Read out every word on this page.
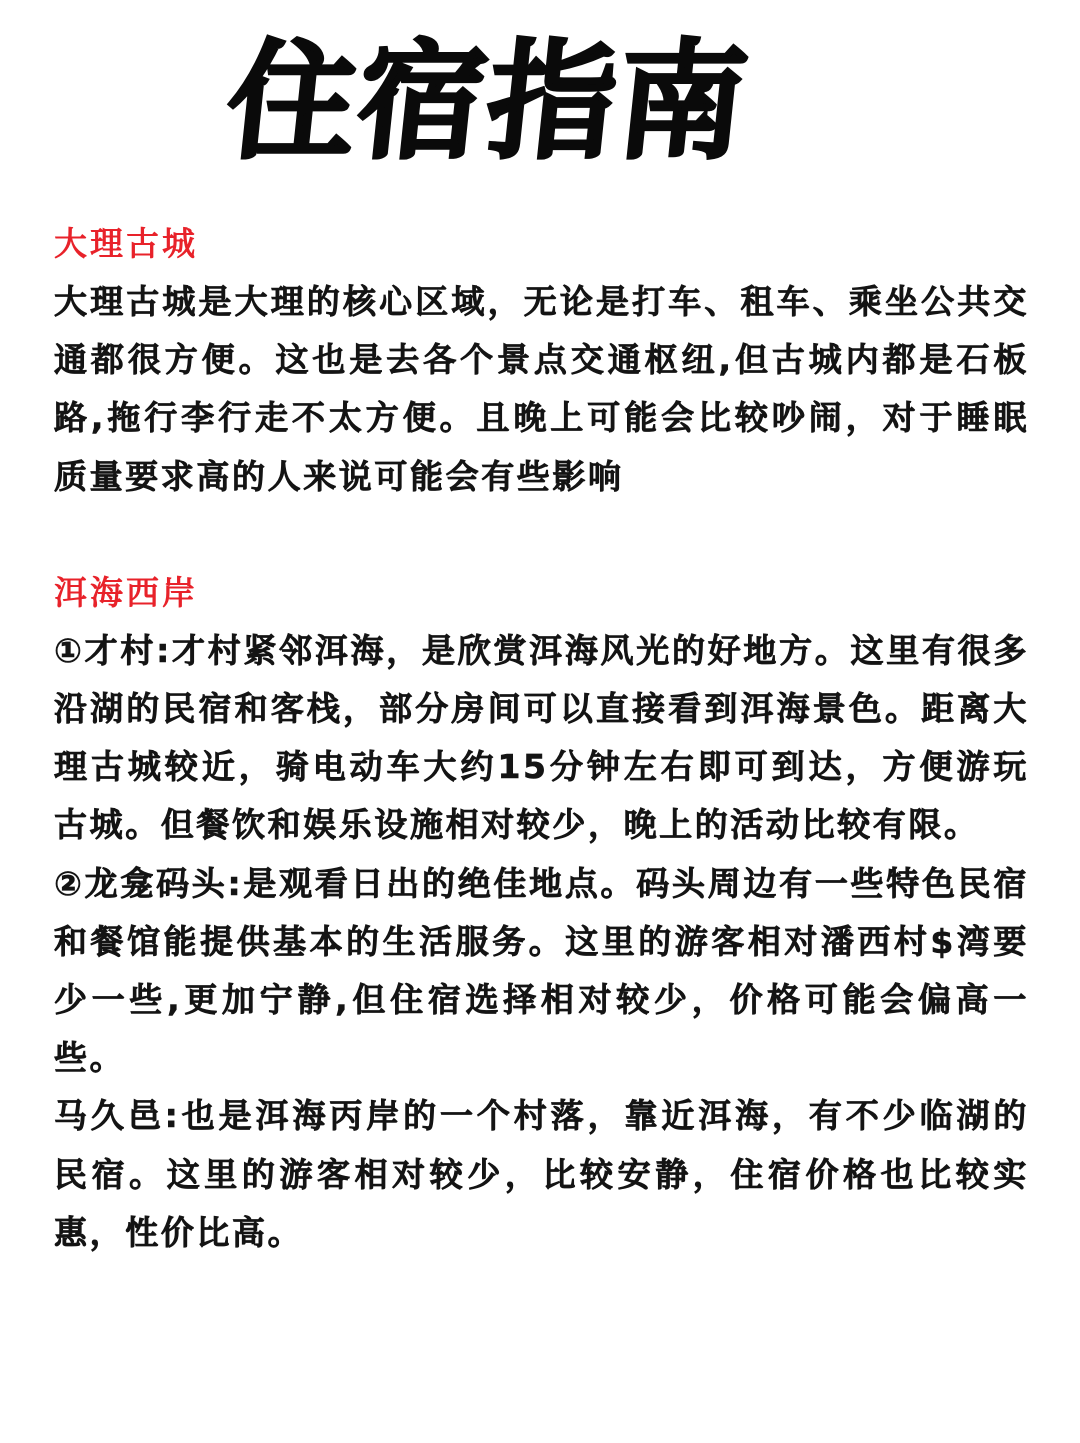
住宿指南

大理古城

大理古城是大理的核心区域，无论是打车、租车、乘坐公共交通都很方便。这也是去各个景点交通枢纽,但古城内都是石板路,拖行李行走不太方便。且晚上可能会比较吵闹，对于睡眠质量要求高的人来说可能会有些影响

洱海西岸

①才村:才村紧邻洱海，是欣赏洱海风光的好地方。这里有很多沿湖的民宿和客栈，部分房间可以直接看到洱海景色。距离大理古城较近，骑电动车大约15分钟左右即可到达，方便游玩古城。但餐饮和娱乐设施相对较少，晚上的活动比较有限。

②龙龛码头:是观看日出的绝佳地点。码头周边有一些特色民宿和餐馆能提供基本的生活服务。这里的游客相对潘西村$湾要少一些,更加宁静,但住宿选择相对较少，价格可能会偏高一些。

马久邑:也是洱海丙岸的一个村落，靠近洱海，有不少临湖的民宿。这里的游客相对较少，比较安静，住宿价格也比较实惠，性价比高。
